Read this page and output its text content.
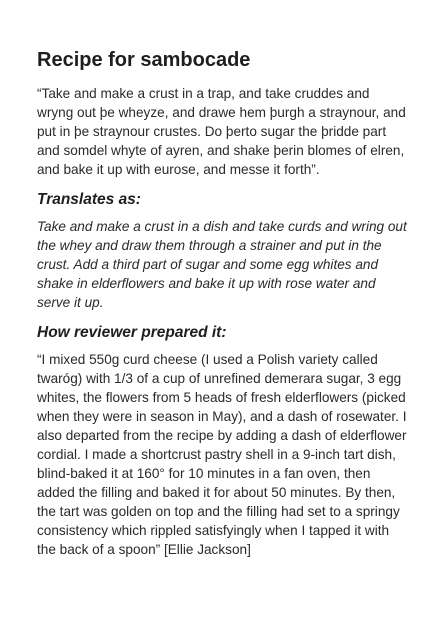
Recipe for sambocade

“Take and make a crust in a trap, and take cruddes and wryng out þe wheyze, and drawe hem þurgh a straynour, and put in þe straynour crustes. Do þerto sugar the þridde part and somdel whyte of ayren, and shake þerin blomes of elren, and bake it up with eurose, and messe it forth”.

Translates as:

Take and make a crust in a dish and take curds and wring out the whey and draw them through a strainer and put in the crust. Add a third part of sugar and some egg whites and shake in elderflowers and bake it up with rose water and serve it up.

How reviewer prepared it:

“I mixed 550g curd cheese (I used a Polish variety called twaróg) with 1/3 of a cup of unrefined demerara sugar, 3 egg whites, the flowers from 5 heads of fresh elderflowers (picked when they were in season in May), and a dash of rosewater. I also departed from the recipe by adding a dash of elderflower cordial. I made a shortcrust pastry shell in a 9-inch tart dish, blind-baked it at 160° for 10 minutes in a fan oven, then added the filling and baked it for about 50 minutes. By then, the tart was golden on top and the filling had set to a springy consistency which rippled satisfyingly when I tapped it with the back of a spoon” [Ellie Jackson]
